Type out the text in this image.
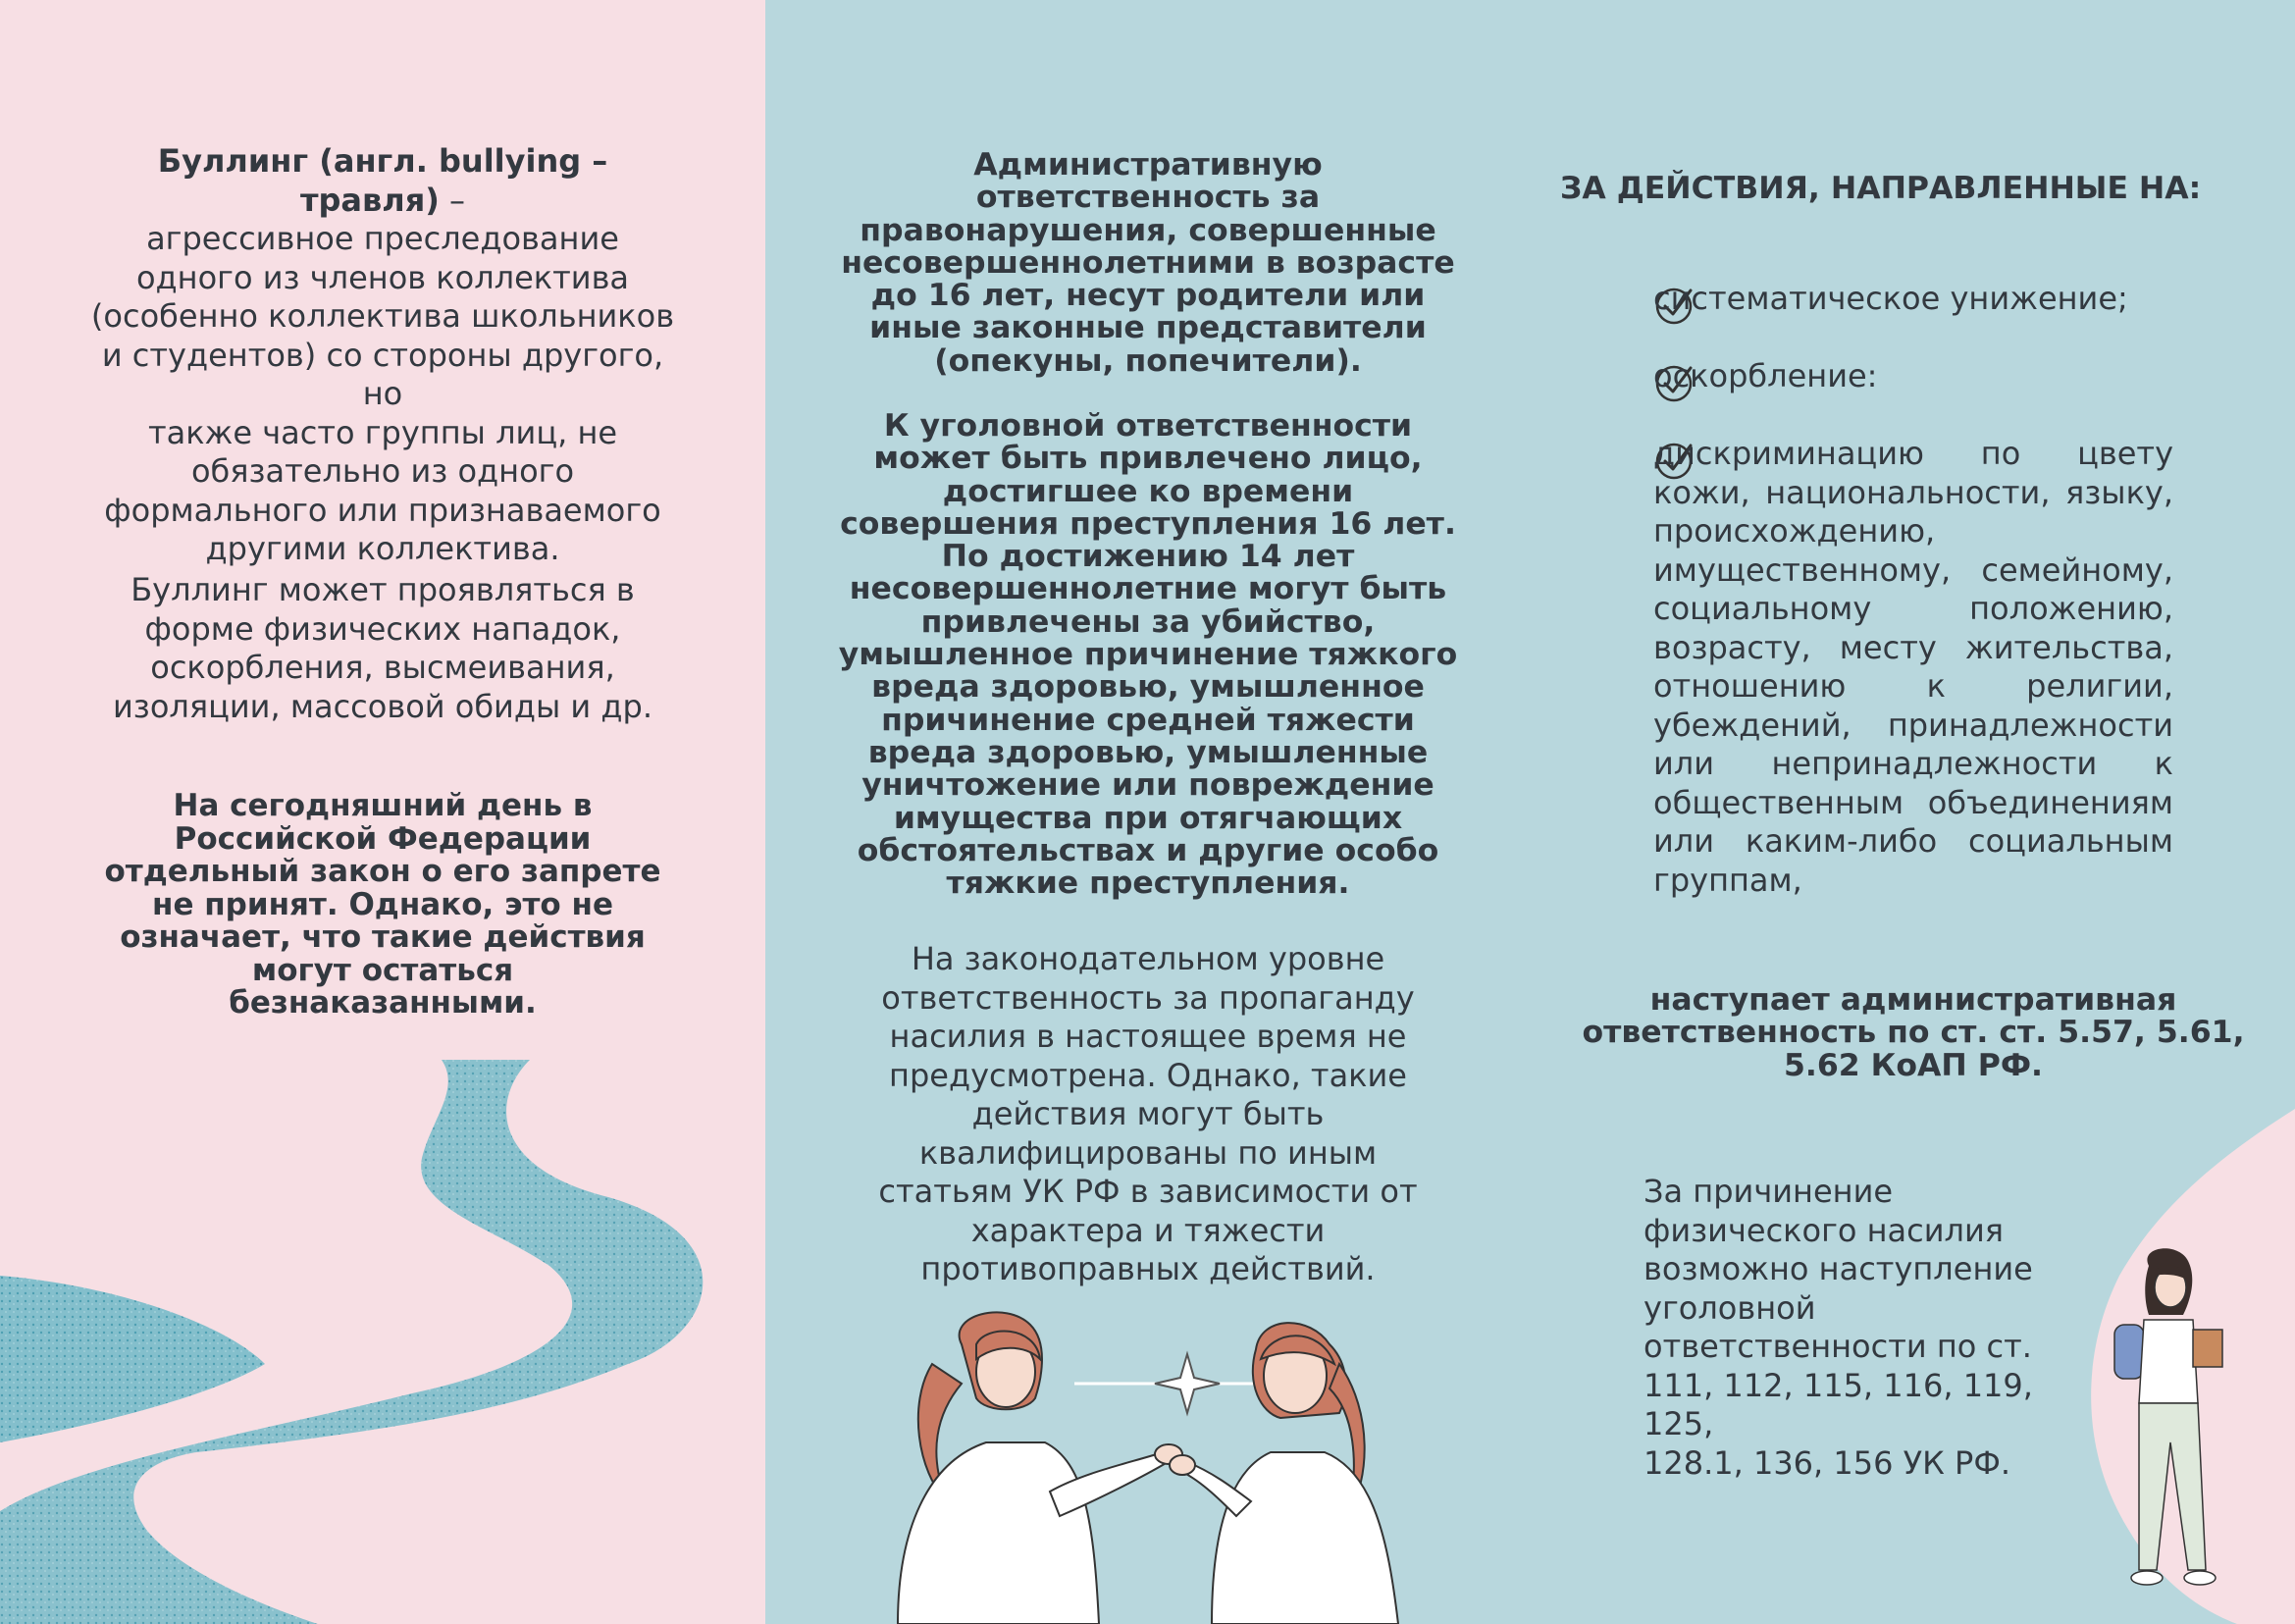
Буллинг (англ. bullying – травля) –

агрессивное преследование

одного из членов коллектива

(особенно коллектива школьников

и студентов) со стороны другого, но

также часто группы лиц, не

обязательно из одного

формального или признаваемого

другими коллектива.

Буллинг может проявляться в

форме физических нападок,

оскорбления, высмеивания,

изоляции, массовой обиды и др.

На сегодняшний день в

Российской Федерации

отдельный закон о его запрете

не принят. Однако, это не

означает, что такие действия

могут остаться

безнаказанными.

Административную

ответственность за

правонарушения, совершенные

несовершеннолетними в возрасте

до 16 лет, несут родители или

иные законные представители

(опекуны, попечители).

К уголовной ответственности

может быть привлечено лицо,

достигшее ко времени

совершения преступления 16 лет.

По достижению 14 лет

несовершеннолетние могут быть

привлечены за убийство,

умышленное причинение тяжкого

вреда здоровью, умышленное

причинение средней тяжести

вреда здоровью, умышленные

уничтожение или повреждение

имущества при отягчающих

обстоятельствах и другие особо

тяжкие преступления.

На законодательном уровне

ответственность за пропаганду

насилия в настоящее время не

предусмотрена. Однако, такие

действия могут быть

квалифицированы по иным

статьям УК РФ в зависимости от

характера и тяжести

противоправных действий.

ЗА ДЕЙСТВИЯ, НАПРАВЛЕННЫЕ НА:
систематическое унижение;
оскорбление:
дискриминацию по цвету кожи, национальности, языку, происхождению, имущественному, семейному, социальному положению, возрасту, месту жительства, отношению к религии, убеждений, принадлежности или непринадлежности к общественным объединениям или каким-либо социальным группам,

наступает административная

ответственность по ст. ст. 5.57, 5.61,

5.62 КоАП РФ.

За причинение

физического насилия

возможно наступление

уголовной

ответственности по ст.

111, 112, 115, 116, 119, 125,

128.1, 136, 156 УК РФ.
